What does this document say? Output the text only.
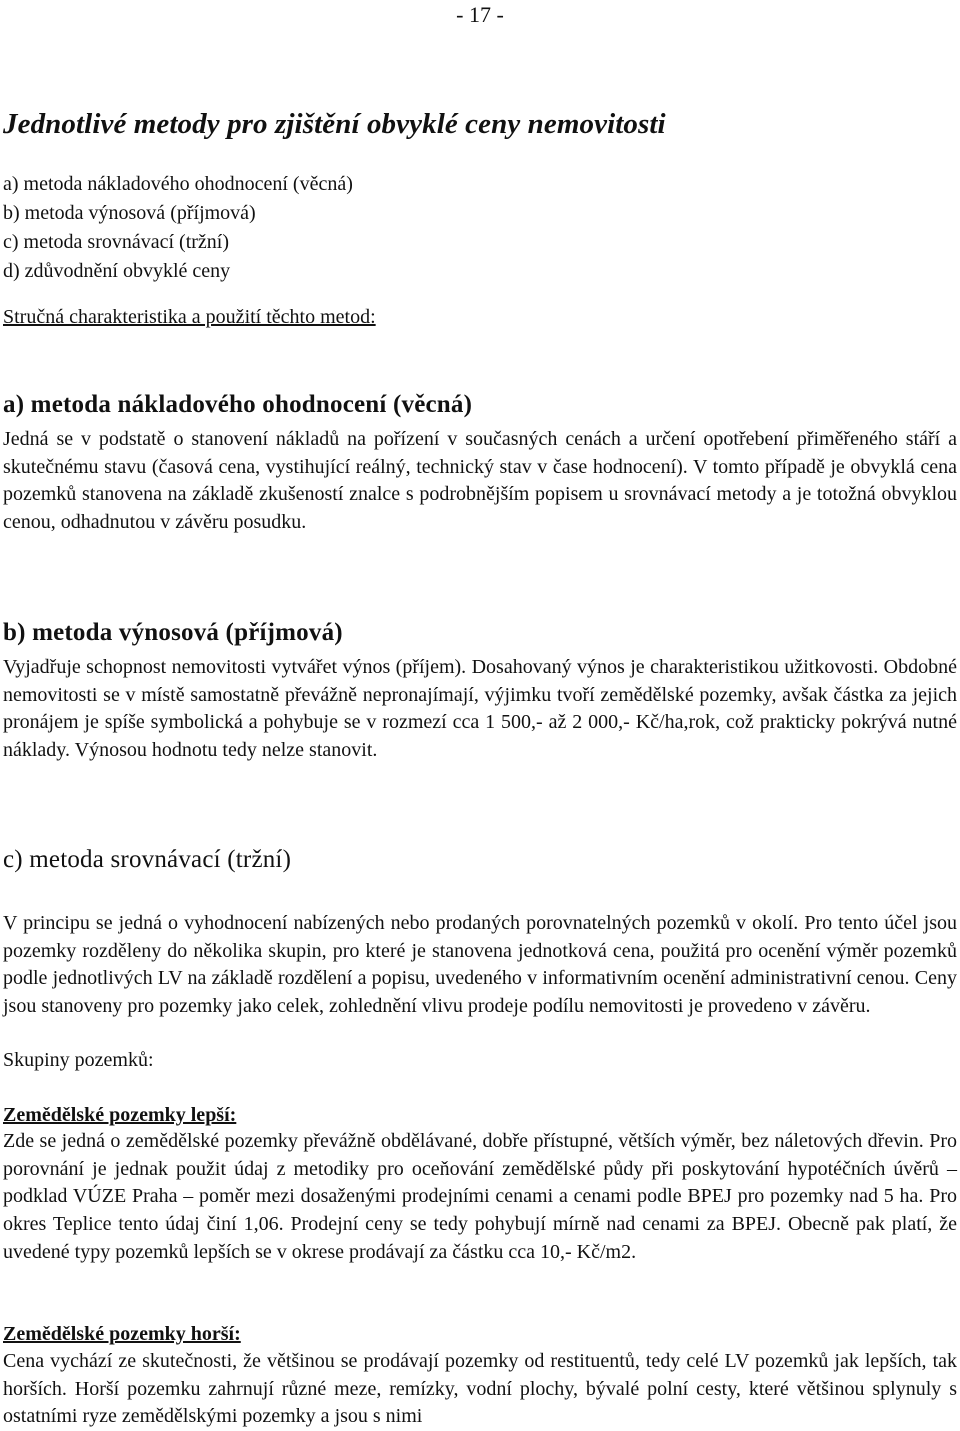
- 17 -
Jednotlivé metody pro zjištění obvyklé ceny nemovitosti
a) metoda nákladového ohodnocení (věcná)
b) metoda výnosová (příjmová)
c) metoda srovnávací (tržní)
d) zdůvodnění obvyklé ceny
Stručná charakteristika a použití těchto metod:
a) metoda nákladového ohodnocení (věcná)

Jedná se v podstatě o stanovení nákladů na pořízení v současných cenách a určení opotřebení přiměřeného stáří a skutečnému stavu (časová cena, vystihující reálný, technický stav v čase hodnocení). V tomto případě je obvyklá cena pozemků stanovena na základě zkušeností znalce s podrobnějším popisem u srovnávací metody a je totožná obvyklou cenou, odhadnutou v závěru posudku.

b) metoda výnosová (příjmová)

Vyjadřuje schopnost nemovitosti vytvářet výnos (příjem). Dosahovaný výnos je charakteristikou užitkovosti. Obdobné nemovitosti se v místě samostatně převážně nepronajímají, výjimku tvoří zemědělské pozemky, avšak částka za jejich pronájem je spíše symbolická a pohybuje se v rozmezí cca 1 500,- až 2 000,- Kč/ha,rok, což prakticky pokrývá nutné náklady. Výnosou hodnotu tedy nelze stanovit.

c) metoda srovnávací (tržní)

V principu se jedná o vyhodnocení nabízených nebo prodaných porovnatelných pozemků v okolí. Pro tento účel jsou pozemky rozděleny do několika skupin, pro které je stanovena jednotková cena, použitá pro ocenění výměr pozemků podle jednotlivých LV na základě rozdělení a popisu, uvedeného v informativním ocenění administrativní cenou. Ceny jsou stanoveny pro pozemky jako celek, zohlednění vlivu prodeje podílu nemovitosti je provedeno v závěru.

Skupiny pozemků:
Zemědělské pozemky lepší:

Zde se jedná o zemědělské pozemky převážně obdělávané, dobře přístupné, větších výměr, bez náletových dřevin. Pro porovnání je jednak použit údaj z metodiky pro oceňování zemědělské půdy při poskytování hypotéčních úvěrů – podklad VÚZE Praha – poměr mezi dosaženými prodejními cenami a cenami podle BPEJ pro pozemky nad 5 ha. Pro okres Teplice tento údaj činí 1,06. Prodejní ceny se tedy pohybují mírně nad cenami za BPEJ. Obecně pak platí, že uvedené typy pozemků lepších se v okrese prodávají za částku cca 10,- Kč/m2.

Zemědělské pozemky horší:

Cena vychází ze skutečnosti, že většinou se prodávají pozemky od restituentů, tedy celé LV pozemků jak lepších, tak horších. Horší pozemku zahrnují různé meze, remízky, vodní plochy, bývalé polní cesty, které většinou splynuly s ostatními ryze zemědělskými pozemky a jsou s nimi
